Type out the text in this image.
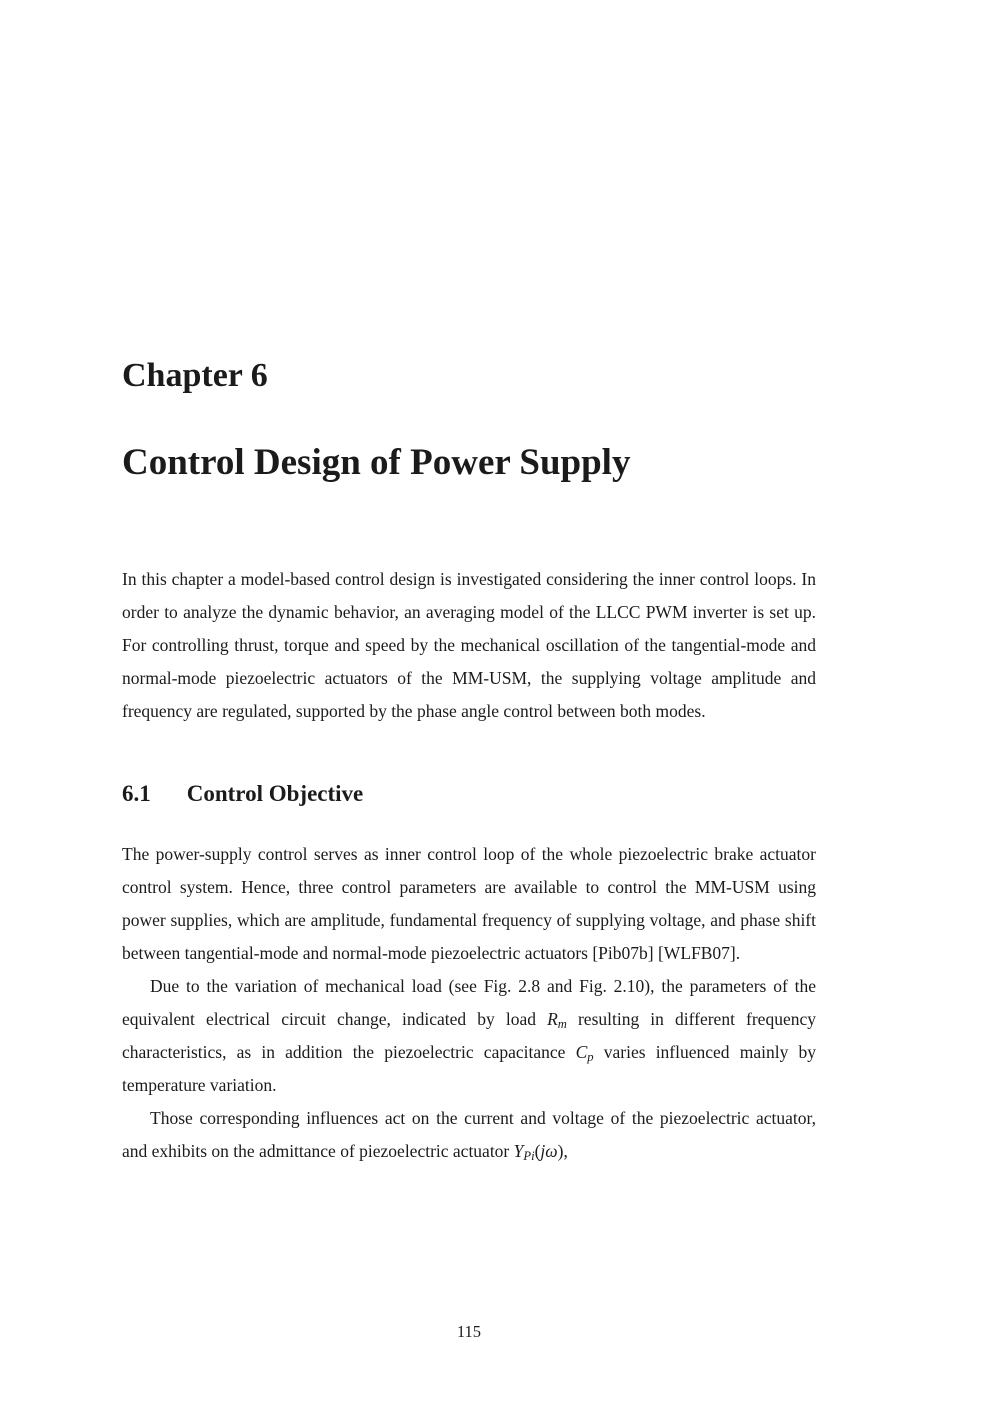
Chapter 6
Control Design of Power Supply

In this chapter a model-based control design is investigated considering the inner control loops. In order to analyze the dynamic behavior, an averaging model of the LLCC PWM inverter is set up. For controlling thrust, torque and speed by the mechanical oscillation of the tangential-mode and normal-mode piezoelectric actuators of the MM-USM, the supplying voltage amplitude and frequency are regulated, supported by the phase angle control between both modes.

6.1 Control Objective

The power-supply control serves as inner control loop of the whole piezoelectric brake actuator control system. Hence, three control parameters are available to control the MM-USM using power supplies, which are amplitude, fundamental frequency of supplying voltage, and phase shift between tangential-mode and normal-mode piezoelectric actuators [Pib07b] [WLFB07].

Due to the variation of mechanical load (see Fig. 2.8 and Fig. 2.10), the parameters of the equivalent electrical circuit change, indicated by load Rm resulting in different frequency characteristics, as in addition the piezoelectric capacitance Cp varies influenced mainly by temperature variation.

Those corresponding influences act on the current and voltage of the piezoelectric actuator, and exhibits on the admittance of piezoelectric actuator YPi(jω),

115
